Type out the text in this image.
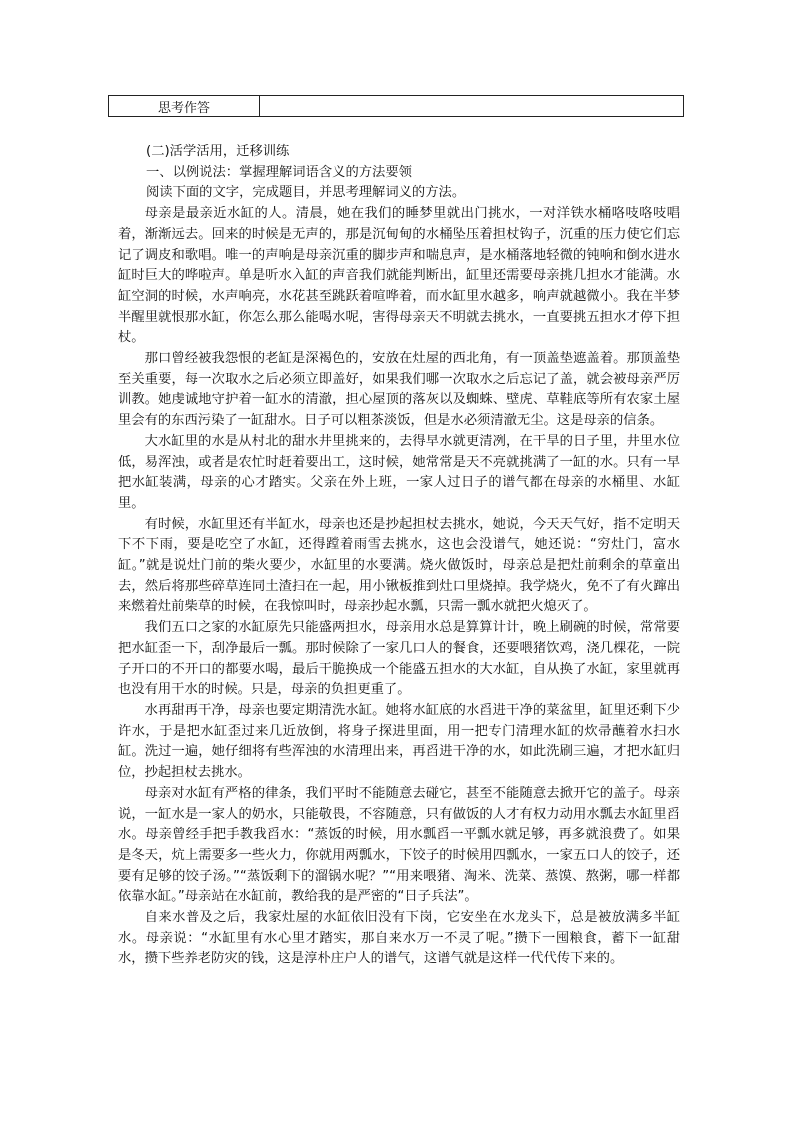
思考作答	

(二)活学活用，迁移训练

一、以例说法：掌握理解词语含义的方法要领

阅读下面的文字，完成题目，并思考理解词义的方法。

母亲是最亲近水缸的人。清晨，她在我们的睡梦里就出门挑水，一对洋铁水桶咯吱咯吱唱着，渐渐远去。回来的时候是无声的，那是沉甸甸的水桶坠压着担杖钩子，沉重的压力使它们忘记了调皮和歌唱。唯一的声响是母亲沉重的脚步声和喘息声，是水桶落地轻微的钝响和倒水进水缸时巨大的哗啦声。单是听水入缸的声音我们就能判断出，缸里还需要母亲挑几担水才能满。水缸空洞的时候，水声响亮，水花甚至跳跃着喧哗着，而水缸里水越多，响声就越微小。我在半梦半醒里就恨那水缸，你怎么那么能喝水呢，害得母亲天不明就去挑水，一直要挑五担水才停下担杖。

那口曾经被我怨恨的老缸是深褐色的，安放在灶屋的西北角，有一顶盖垫遮盖着。那顶盖垫至关重要，每一次取水之后必须立即盖好，如果我们哪一次取水之后忘记了盖，就会被母亲严厉训教。她虔诚地守护着一缸水的清澈，担心屋顶的落灰以及蜘蛛、壁虎、草鞋底等所有农家土屋里会有的东西污染了一缸甜水。日子可以粗茶淡饭，但是水必须清澈无尘。这是母亲的信条。

大水缸里的水是从村北的甜水井里挑来的，去得早水就更清冽，在干旱的日子里，井里水位低，易浑浊，或者是农忙时赶着要出工，这时候，她常常是天不亮就挑满了一缸的水。只有一早把水缸装满，母亲的心才踏实。父亲在外上班，一家人过日子的谱气都在母亲的水桶里、水缸里。

有时候，水缸里还有半缸水，母亲也还是抄起担杖去挑水，她说，今天天气好，指不定明天下不下雨，要是吃空了水缸，还得蹚着雨雪去挑水，这也会没谱气，她还说：“穷灶门，富水缸。”就是说灶门前的柴火要少，水缸里的水要满。烧火做饭时，母亲总是把灶前剩余的草童出去，然后将那些碎草连同土渣扫在一起，用小锹板推到灶口里烧掉。我学烧火，免不了有火蹿出来燃着灶前柴草的时候，在我惊叫时，母亲抄起水瓢，只需一瓢水就把火熄灭了。

我们五口之家的水缸原先只能盛两担水，母亲用水总是算算计计，晚上刷碗的时候，常常要把水缸歪一下，刮净最后一瓢。那时候除了一家几口人的餐食，还要喂猪饮鸡，浇几棵花，一院子开口的不开口的都要水喝，最后干脆换成一个能盛五担水的大水缸，自从换了水缸，家里就再也没有用干水的时候。只是，母亲的负担更重了。

水再甜再干净，母亲也要定期清洗水缸。她将水缸底的水舀进干净的菜盆里，缸里还剩下少许水，于是把水缸歪过来几近放倒，将身子探进里面，用一把专门清理水缸的炊帚蘸着水扫水缸。洗过一遍，她仔细将有些浑浊的水清理出来，再舀进干净的水，如此洗刷三遍，才把水缸归位，抄起担杖去挑水。

母亲对水缸有严格的律条，我们平时不能随意去碰它，甚至不能随意去掀开它的盖子。母亲说，一缸水是一家人的奶水，只能敬畏，不容随意，只有做饭的人才有权力动用水瓢去水缸里舀水。母亲曾经手把手教我舀水：“蒸饭的时候，用水瓢舀一平瓢水就足够，再多就浪费了。如果是冬天，炕上需要多一些火力，你就用两瓢水，下饺子的时候用四瓢水，一家五口人的饺子，还要有足够的饺子汤。”“蒸饭剩下的溜锅水呢？”“用来喂猪、淘米、洗菜、蒸馍、熬粥，哪一样都依靠水缸。”母亲站在水缸前，教给我的是严密的“日子兵法”。

自来水普及之后，我家灶屋的水缸依旧没有下岗，它安坐在水龙头下，总是被放满多半缸水。母亲说：“水缸里有水心里才踏实，那自来水万一不灵了呢。”攒下一囤粮食，蓄下一缸甜水，攒下些养老防灾的钱，这是淳朴庄户人的谱气，这谱气就是这样一代代传下来的。
